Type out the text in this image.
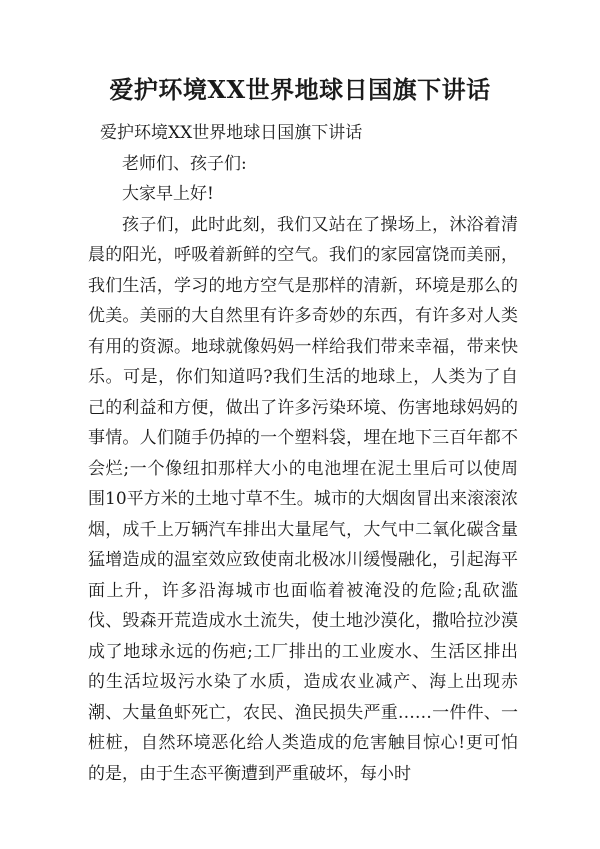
爱护环境XX世界地球日国旗下讲话

爱护环境XX世界地球日国旗下讲话

老师们、孩子们:

大家早上好!

孩子们，此时此刻，我们又站在了操场上，沐浴着清晨的阳光，呼吸着新鲜的空气。我们的家园富饶而美丽，我们生活，学习的地方空气是那样的清新，环境是那么的优美。美丽的大自然里有许多奇妙的东西，有许多对人类有用的资源。地球就像妈妈一样给我们带来幸福，带来快乐。可是，你们知道吗?我们生活的地球上，人类为了自己的利益和方便，做出了许多污染环境、伤害地球妈妈的事情。人们随手仍掉的一个塑料袋，埋在地下三百年都不会烂;一个像纽扣那样大小的电池埋在泥土里后可以使周围10平方米的土地寸草不生。城市的大烟囱冒出来滚滚浓烟，成千上万辆汽车排出大量尾气，大气中二氧化碳含量猛增造成的温室效应致使南北极冰川缓慢融化，引起海平面上升，许多沿海城市也面临着被淹没的危险;乱砍滥伐、毁森开荒造成水土流失，使土地沙漠化，撒哈拉沙漠成了地球永远的伤疤;工厂排出的工业废水、生活区排出的生活垃圾污水染了水质，造成农业减产、海上出现赤潮、大量鱼虾死亡，农民、渔民损失严重……一件件、一桩桩，自然环境恶化给人类造成的危害触目惊心!更可怕的是，由于生态平衡遭到严重破坏，每小时
